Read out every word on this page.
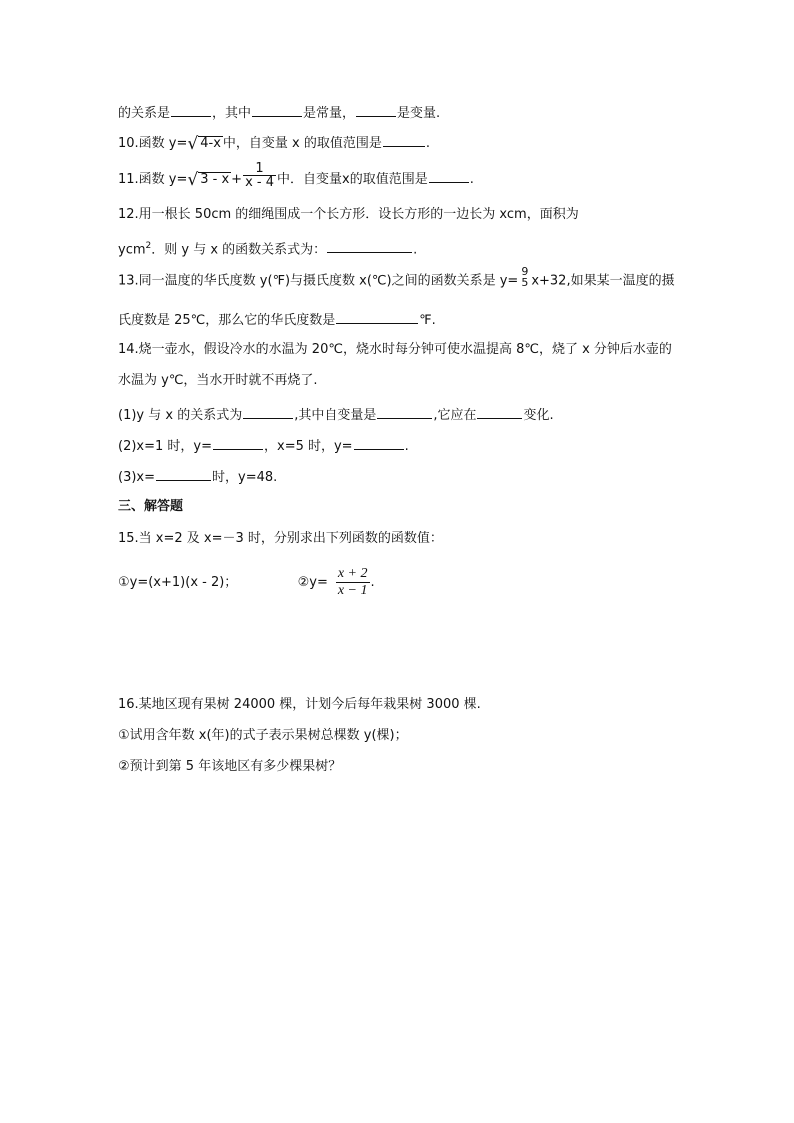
的关系是	，其中	是常量，	是变量.
10.函数 y=√ 4-x 中，自变量 x 的取值范围是	.
11.函数 y=√ $3 - x + \frac{1}{x - 4}$ 中．自变量x的取值范围是	.
12.用一根长 50cm 的细绳围成一个长方形．设长方形的一边长为 xcm，面积为
ycm$^2$．则 y 与 x 的函数关系式为：	.
13.同一温度的华氏度数 y(℉)与摄氏度数 x(℃)之间的函数关系是 y=
9
5 x+32,如果某一温度的摄
氏度数是 25℃，那么它的华氏度数是	℉.
14.烧一壶水，假设冷水的水温为 20℃，烧水时每分钟可使水温提高 8℃，烧了 x 分钟后水壶的
水温为 y℃，当水开时就不再烧了.
(1)y 与 x 的关系式为	,其中自变量是	,它应在	变化.
(2)x=1 时，y=	，x=5 时，y=	.
(3)x=	时，y=48.
三、解答题
15.当 x=2 及 x=－3 时，分别求出下列函数的函数值：
①y=(x+1)(x - 2)；	②y= $\frac{x + 2}{x - 1}$ .
16.某地区现有果树 24000 棵，计划今后每年栽果树 3000 棵.
①试用含年数 x(年)的式子表示果树总棵数 y(棵)；
②预计到第 5 年该地区有多少棵果树？
